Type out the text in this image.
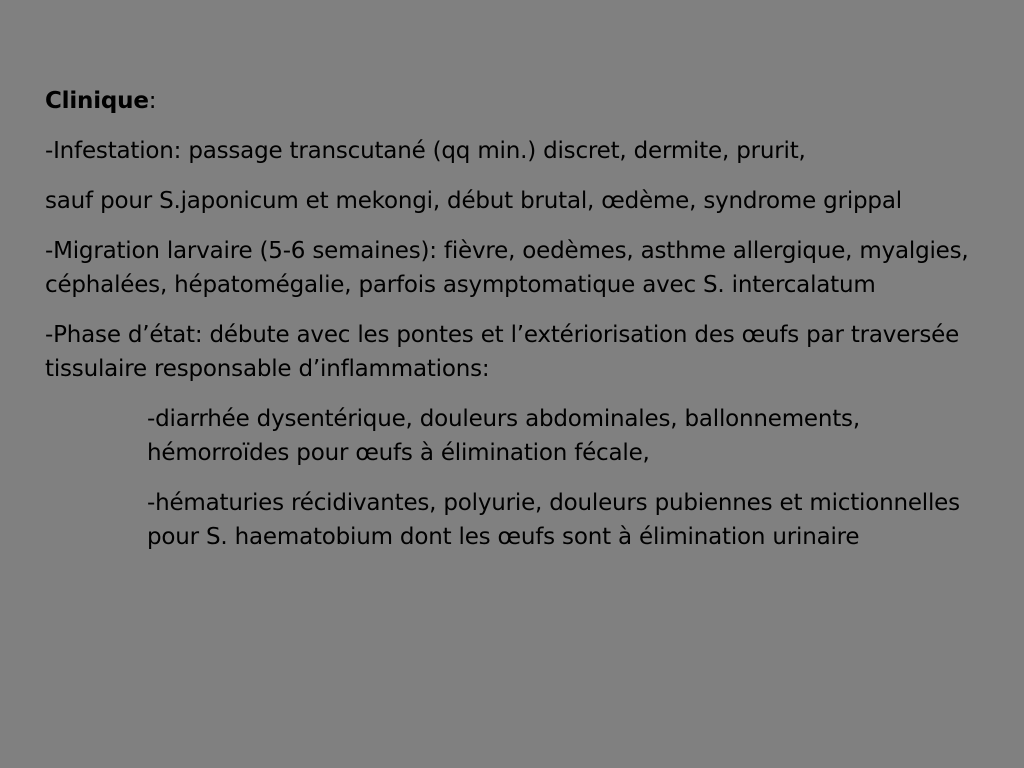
Clinique:

-Infestation: passage transcutané (qq min.) discret, dermite, prurit,

sauf pour S.japonicum et mekongi, début brutal, œdème, syndrome grippal

-Migration larvaire (5-6 semaines): fièvre, oedèmes, asthme allergique, myalgies, céphalées, hépatomégalie, parfois asymptomatique avec S. intercalatum

-Phase d’état: débute avec les pontes et l’extériorisation des œufs par traversée tissulaire responsable d’inflammations:

-diarrhée dysentérique, douleurs abdominales, ballonnements, hémorroïdes pour œufs à élimination fécale,

-hématuries récidivantes, polyurie, douleurs pubiennes et mictionnelles pour S. haematobium dont les œufs sont à élimination urinaire
